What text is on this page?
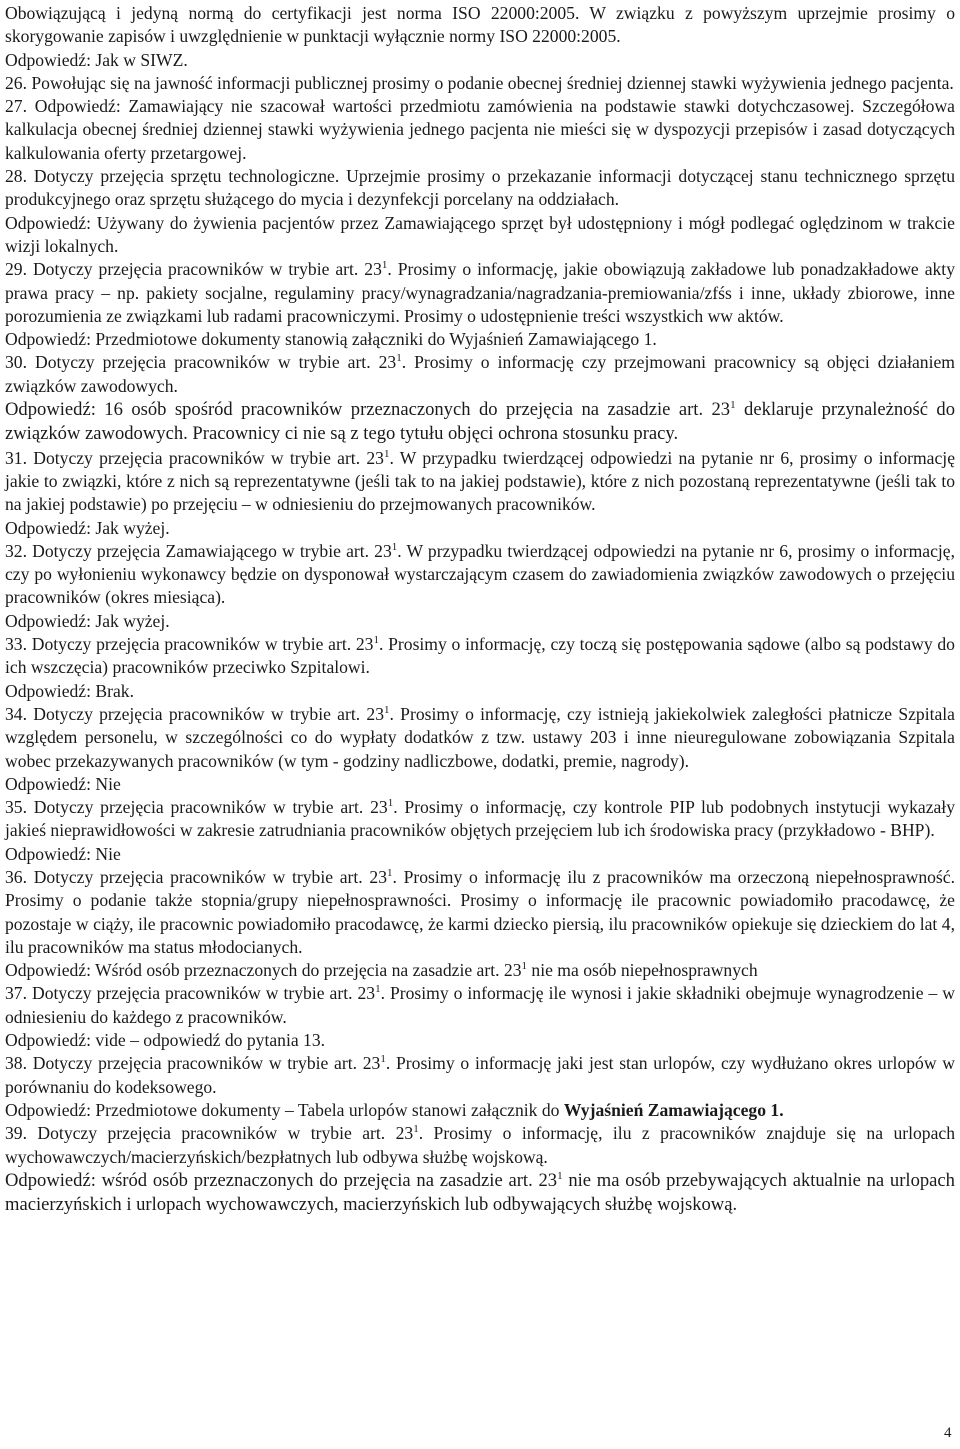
Obowiązującą i jedyną normą do certyfikacji jest norma ISO 22000:2005. W związku z powyższym uprzejmie prosimy o skorygowanie zapisów i uwzględnienie w punktacji wyłącznie normy ISO 22000:2005.

Odpowiedź: Jak w SIWZ.

26. Powołując się na jawność informacji publicznej prosimy o podanie obecnej średniej dziennej stawki wyżywienia jednego pacjenta.

27. Odpowiedź: Zamawiający nie szacował wartości przedmiotu zamówienia na podstawie stawki dotychczasowej. Szczegółowa kalkulacja obecnej średniej dziennej stawki wyżywienia jednego pacjenta nie mieści się w dyspozycji przepisów i zasad dotyczących kalkulowania oferty przetargowej.

28. Dotyczy przejęcia sprzętu technologiczne. Uprzejmie prosimy o przekazanie informacji dotyczącej stanu technicznego sprzętu produkcyjnego oraz sprzętu służącego do mycia i dezynfekcji porcelany na oddziałach.

Odpowiedź: Używany do żywienia pacjentów przez Zamawiającego sprzęt był udostępniony i mógł podlegać oględzinom w trakcie wizji lokalnych.

29. Dotyczy przejęcia pracowników w trybie art. $23^1$. Prosimy o informację, jakie obowiązują zakładowe lub ponadzakładowe akty prawa pracy – np. pakiety socjalne, regulaminy pracy/wynagradzania/nagradzania-premiowania/zfśs i inne, układy zbiorowe, inne porozumienia ze związkami lub radami pracowniczymi. Prosimy o udostępnienie treści wszystkich ww aktów.

Odpowiedź: Przedmiotowe dokumenty stanowią załączniki do Wyjaśnień Zamawiającego 1.

30. Dotyczy przejęcia pracowników w trybie art. $23^1$. Prosimy o informację czy przejmowani pracownicy są objęci działaniem związków zawodowych.

Odpowiedź: 16 osób spośród pracowników przeznaczonych do przejęcia na zasadzie art. $23^1$ deklaruje przynależność do związków zawodowych. Pracownicy ci nie są z tego tytułu objęci ochrona stosunku pracy.

31. Dotyczy przejęcia pracowników w trybie art. $23^1$. W przypadku twierdzącej odpowiedzi na pytanie nr 6, prosimy o informację jakie to związki, które z nich są reprezentatywne (jeśli tak to na jakiej podstawie), które z nich pozostaną reprezentatywne (jeśli tak to na jakiej podstawie) po przejęciu – w odniesieniu do przejmowanych pracowników.

Odpowiedź: Jak wyżej.

32. Dotyczy przejęcia Zamawiającego w trybie art. $23^1$. W przypadku twierdzącej odpowiedzi na pytanie nr 6, prosimy o informację, czy po wyłonieniu wykonawcy będzie on dysponował wystarczającym czasem do zawiadomienia związków zawodowych o przejęciu pracowników (okres miesiąca).

Odpowiedź: Jak wyżej.

33. Dotyczy przejęcia pracowników w trybie art. $23^1$. Prosimy o informację, czy toczą się postępowania sądowe (albo są podstawy do ich wszczęcia) pracowników przeciwko Szpitalowi.

Odpowiedź: Brak.

34. Dotyczy przejęcia pracowników w trybie art. $23^1$. Prosimy o informację, czy istnieją jakiekolwiek zaległości płatnicze Szpitala względem personelu, w szczególności co do wypłaty dodatków z tzw. ustawy 203 i inne nieuregulowane zobowiązania Szpitala wobec przekazywanych pracowników (w tym - godziny nadliczbowe, dodatki, premie, nagrody).

Odpowiedź: Nie

35. Dotyczy przejęcia pracowników w trybie art. $23^1$. Prosimy o informację, czy kontrole PIP lub podobnych instytucji wykazały jakieś nieprawidłowości w zakresie zatrudniania pracowników objętych przejęciem lub ich środowiska pracy (przykładowo - BHP).

Odpowiedź: Nie

36. Dotyczy przejęcia pracowników w trybie art. $23^1$. Prosimy o informację ilu z pracowników ma orzeczoną niepełnosprawność. Prosimy o podanie także stopnia/grupy niepełnosprawności. Prosimy o informację ile pracownic powiadomiło pracodawcę, że pozostaje w ciąży, ile pracownic powiadomiło pracodawcę, że karmi dziecko piersią, ilu pracowników opiekuje się dzieckiem do lat 4, ilu pracowników ma status młodocianych.

Odpowiedź: Wśród osób przeznaczonych do przejęcia na zasadzie art. $23^1$ nie ma osób niepełnosprawnych

37. Dotyczy przejęcia pracowników w trybie art. $23^1$. Prosimy o informację ile wynosi i jakie składniki obejmuje wynagrodzenie – w odniesieniu do każdego z pracowników.

Odpowiedź: vide – odpowiedź do pytania 13.

38. Dotyczy przejęcia pracowników w trybie art. $23^1$. Prosimy o informację jaki jest stan urlopów, czy wydłużano okres urlopów w porównaniu do kodeksowego.

Odpowiedź: Przedmiotowe dokumenty – Tabela urlopów stanowi załącznik do Wyjaśnień Zamawiającego 1.

39. Dotyczy przejęcia pracowników w trybie art. $23^1$. Prosimy o informację, ilu z pracowników znajduje się na urlopach wychowawczych/macierzyńskich/bezpłatnych lub odbywa służbę wojskową.

Odpowiedź: wśród osób przeznaczonych do przejęcia na zasadzie art. $23^1$ nie ma osób przebywających aktualnie na urlopach macierzyńskich i urlopach wychowawczych, macierzyńskich lub odbywających służbę wojskową.

4
